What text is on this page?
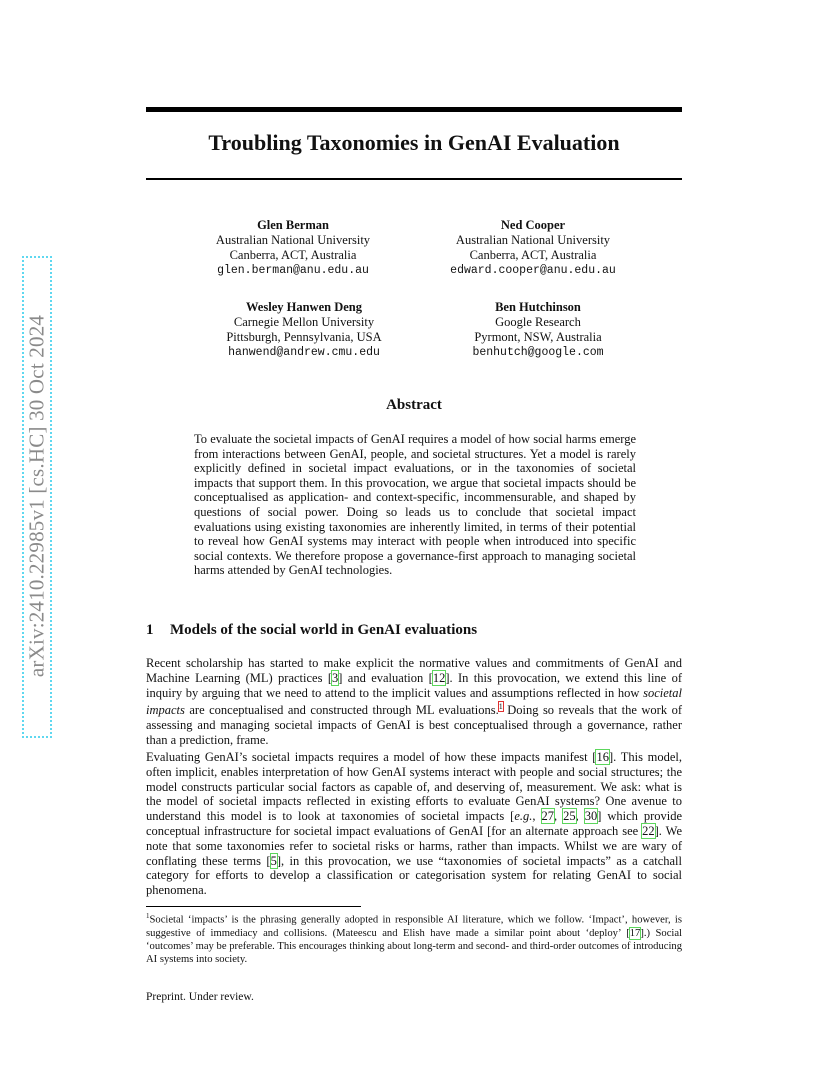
arXiv:2410.22985v1 [cs.HC] 30 Oct 2024
Troubling Taxonomies in GenAI Evaluation
Glen Berman
Australian National University
Canberra, ACT, Australia
glen.berman@anu.edu.au
Ned Cooper
Australian National University
Canberra, ACT, Australia
edward.cooper@anu.edu.au
Wesley Hanwen Deng
Carnegie Mellon University
Pittsburgh, Pennsylvania, USA
hanwend@andrew.cmu.edu
Ben Hutchinson
Google Research
Pyrmont, NSW, Australia
benhutch@google.com
Abstract

To evaluate the societal impacts of GenAI requires a model of how social harms emerge from interactions between GenAI, people, and societal structures. Yet a model is rarely explicitly defined in societal impact evaluations, or in the taxonomies of societal impacts that support them. In this provocation, we argue that societal impacts should be conceptualised as application- and context-specific, incommensurable, and shaped by questions of social power. Doing so leads us to conclude that societal impact evaluations using existing taxonomies are inherently limited, in terms of their potential to reveal how GenAI systems may interact with people when introduced into specific social contexts. We therefore propose a governance-first approach to managing societal harms attended by GenAI technologies.

1 Models of the social world in GenAI evaluations

Recent scholarship has started to make explicit the normative values and commitments of GenAI and Machine Learning (ML) practices [3] and evaluation [12]. In this provocation, we extend this line of inquiry by arguing that we need to attend to the implicit values and assumptions reflected in how societal impacts are conceptualised and constructed through ML evaluations.$^1$ Doing so reveals that the work of assessing and managing societal impacts of GenAI is best conceptualised through a governance, rather than a prediction, frame.

Evaluating GenAI’s societal impacts requires a model of how these impacts manifest [16]. This model, often implicit, enables interpretation of how GenAI systems interact with people and social structures; the model constructs particular social factors as capable of, and deserving of, measurement. We ask: what is the model of societal impacts reflected in existing efforts to evaluate GenAI systems? One avenue to understand this model is to look at taxonomies of societal impacts [e.g., 27, 25, 30] which provide conceptual infrastructure for societal impact evaluations of GenAI [for an alternate approach see 22]. We note that some taxonomies refer to societal risks or harms, rather than impacts. Whilst we are wary of conflating these terms [5], in this provocation, we use “taxonomies of societal impacts” as a catchall category for efforts to develop a classification or categorisation system for relating GenAI to social phenomena.

$^1$Societal ‘impacts’ is the phrasing generally adopted in responsible AI literature, which we follow. ‘Impact’, however, is suggestive of immediacy and collisions. (Mateescu and Elish have made a similar point about ‘deploy’ [17].) Social ‘outcomes’ may be preferable. This encourages thinking about long-term and second- and third-order outcomes of introducing AI systems into society.

Preprint. Under review.
